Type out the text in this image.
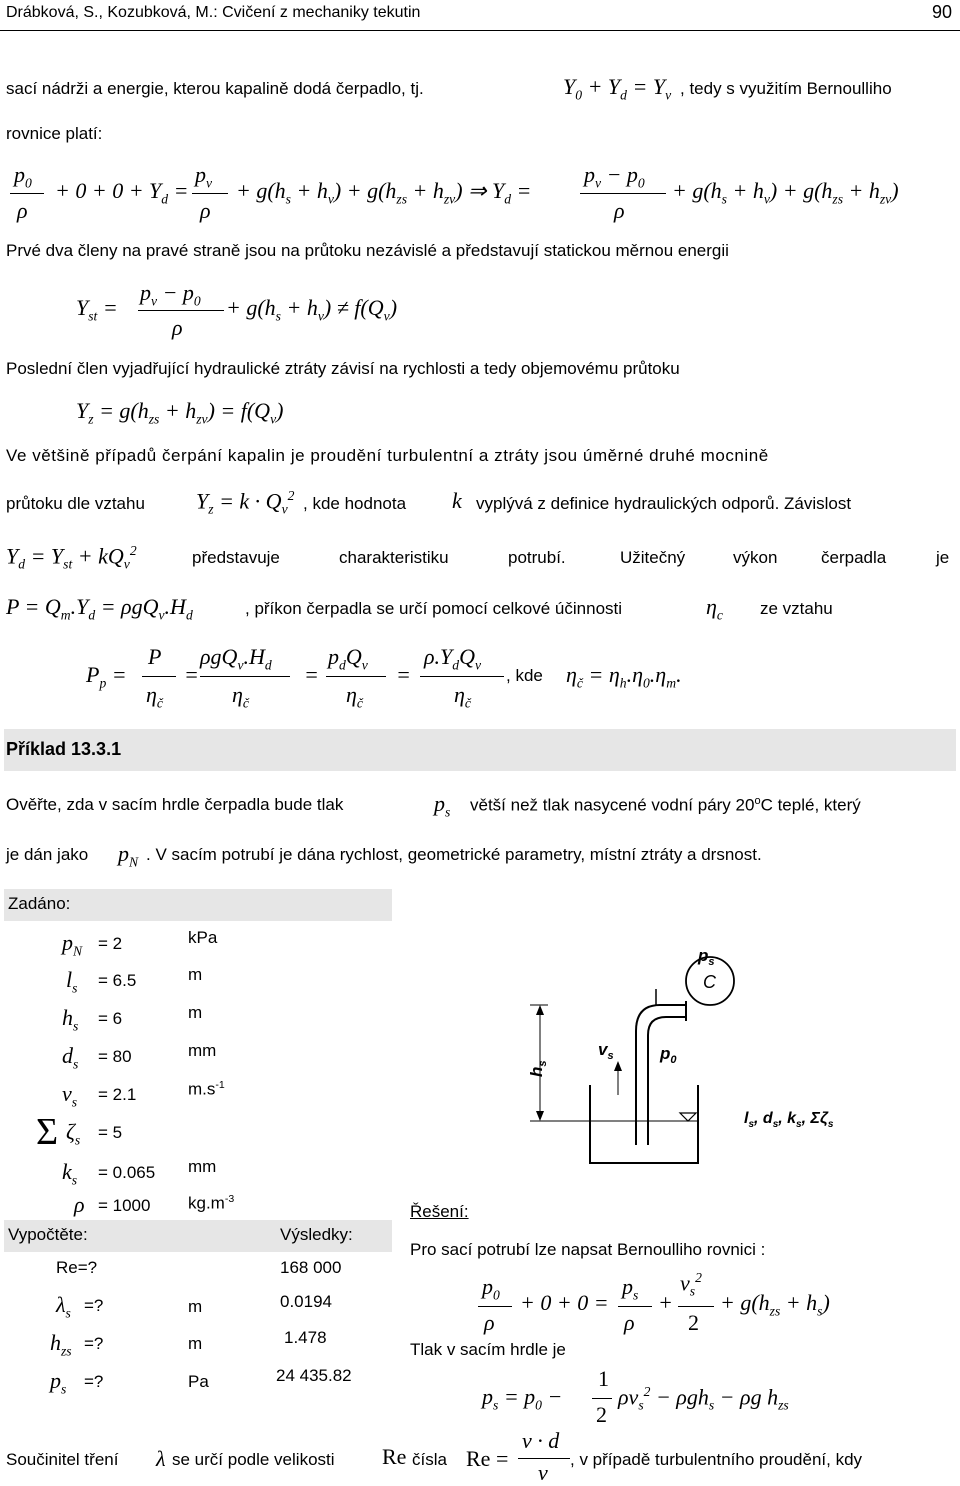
Drábková, S., Kozubková, M.: Cvičení z mechaniky tekutin	90
sací nádrži a energie, kterou kapalině dodá čerpadlo, tj.	$Y_0 + Y_d = Y_v$ , tedy s využitím Bernoulliho
rovnice platí:
$p_0$
ρ
+ $0 + 0 + Y_d$ =
$p_v$
ρ
+ $g(h_s + h_v) + g(h_{zs} + h_{zv})$ ⇒ $Y_d$ =
$p_v - p_0$
ρ
+ $g(h_s + h_v) + g(h_{zs} + h_{zv})$
Prvé dva členy na pravé straně jsou na průtoku nezávislé a představují statickou měrnou energii
$Y_{st}$ =
$p_v - p_0$
ρ
+ $g(h_s + h_v) \ne f(Q_v)$
Poslední člen vyjadřující hydraulické ztráty závisí na rychlosti a tedy objemovému průtoku
$Y_z = g(h_{zs} + h_{zv}) = f(Q_v)$
Ve většině případů čerpání kapalin je proudění turbulentní a ztráty jsou úměrné druhé mocnině
průtoku dle vztahu $Y_z = k \cdot Q_v^2$ , kde hodnota k vyplývá z definice hydraulických odporů. Závislost
$Y_d = Y_{st} + kQ_v^2$	představuje	charakteristiku	potrubí.	Užitečný	výkon	čerpadla	je
$P = Q_m.Y_d = \rho gQ_v.H_d$	, příkon čerpadla se určí pomocí celkové účinnosti	$\eta_c$ ze vztahu
$P_p$ =
P
$\eta_č$
=
$\rho gQ_v.H_d$
$\eta_č$
=
$p_dQ_v$
$\eta_č$
=
$\rho.Y_dQ_v$
$\eta_č$
, kde $\eta_č = \eta_h.\eta_0.\eta_m$.
Příklad 13.3.1
Ověřte, zda v sacím hrdle čerpadla bude tlak	$p_s$ větší než tlak nasycené vodní páry 20$^o$C teplé, který
je dán jako $p_N$ . V sacím potrubí je dána rychlost, geometrické parametry, místní ztráty a drsnost.
Zadáno:
$p_N = 2$	kPa
$l_s = 6.5$	m
$h_s = 6$	m
$d_s = 80$	mm
$v_s = 2.1$	$m.s^{-1}$
Σ $\zeta_s = 5$
$k_s = 0.065$ mm
ρ = 1000 $kg.m^{-3}$
Vypočtěte:	Výsledky:
Re=?	168 000
$\lambda_s$ =?	m	0.0194
$h_{zs}$ =?	m	1.478
$p_s$ =?	Pa	24 435.82
$p_s$
C
$h_s$
$v_s$	$p_0$
$l_s$, $d_s$, $k_s$, $\Sigma\zeta_s$
Řešení:
Pro sací potrubí lze napsat Bernoulliho rovnici :
$p_0$
ρ
+ 0 + 0 =
$p_s$
ρ
+
$v_s^2$
2
+ $g(h_{zs} + h_s)$
Tlak v sacím hrdle je
$p_s = p_0$ −
1
2
$\rho v_s^2 - \rho gh_s - \rho g$ $h_{zs}$
Součinitel tření λ se určí podle velikosti Re čísla Re =
v · d
ν
, v případě turbulentního proudění, kdy
